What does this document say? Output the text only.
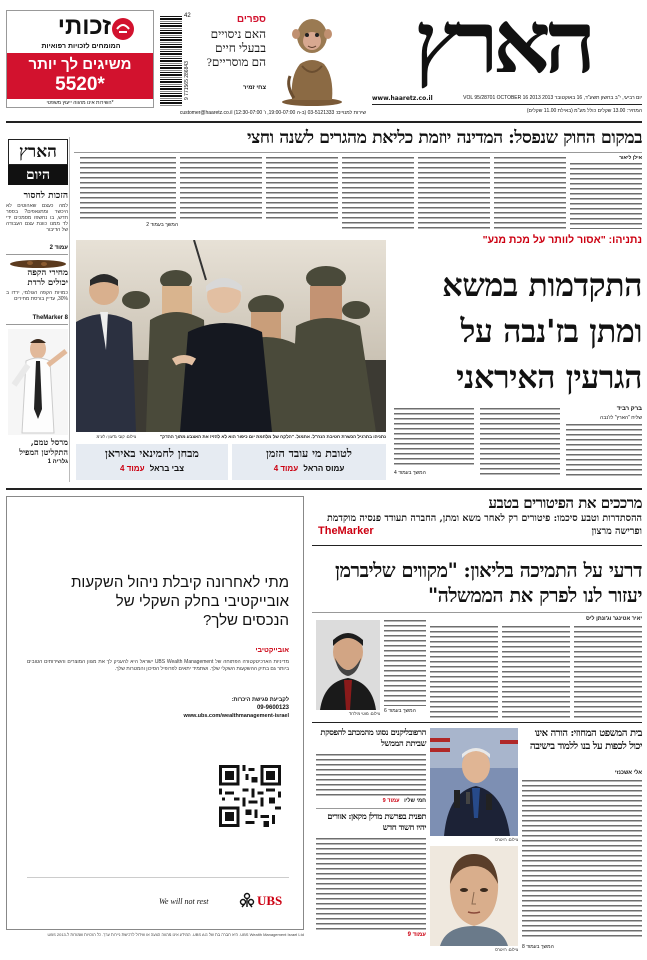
הארץ
www.haaretz.co.il	יום רביעי, י"ב בחשון תשע"ד, 16 באוקטובר 2013 VOL 95/28701 OCTOBER 16 2013
המחיר: 13.00 שקלים כולל מע"מ (באילת 11.00 שקלים)
ספרים
האם ניסויים בבעלי חיים הם מוסריים?
צחי זמיר
9 771565 286843
42
זכותי
המומחים לזכויות רפואיות
משיגים לך יותר
5520*
*השירות אינו מהווה ייעוץ משפטי
שירות למנויים: 03-5121333 (ב-ה 19:00-07:00, ו' 12:30-07:00) customer@haaretz.co.il
במקום החוק שנפסל: המדינה יוזמת כליאת מהגרים לשנה וחצי
אילן ליאור
המשך בעמוד 2
הארץ
היום
הזכות לחסור
למה כעצם שאהוטים לא היכשר ומתגאפים? בספר חדש, בו נחשפו מסמכים ידי לד ממנו כוונת עצם העבודה של הדיבור
עמוד 2
מחירי הקפה יכולים לרדת
כמויות הקפה הגולמי, ירדו ב 30%, עדיין בורסת מחירים
TheMarker 8
מרסל טמם, התקליטן המפיל
גלריה 1
נתניהו: "אסור לוותר על מכת מנע"
התקדמות במשא ומתן בז'נבה על הגרעין האיראני
נתניהו בתרגיל הכשרת חטיבת הנח"ל. אתמול. "הלקח של מלחמת יום כיפור הוא לא להזיז את האצבע מתוך ההדק"
צילום: קובי גדעון / לע"מ
ברק רביד
שליח "הארץ" לז'נבה
המשך בעמוד 4
לטובת מי עובד הזמן
עמוס הראל עמוד 4
מבחן לחמינאי באיראן
צבי בראל עמוד 4
מתי לאחרונה קיבלת ניהול השקעות אובייקטיבי בחלק השקלי של הנכסים שלך?
אובייקטיבי
מדיניות הארכיטקטורה הפתוחה של UBS Wealth Management ישראל היא להעניק לך את מגוון המוצרים והשירותים הטובים ביותר גם בתיק ההשקעות השקלי שלך. ושתמיד יתאים לפרופיל הסיכון והמטרות שלך.
לקביעת פגישת היכרות:
09-9600123
www.ubs.com/wealthmanagement-israel
UBS
We will not rest
מרככים את הפיטורים בטבע
ההסתדרות וטבע סיכמו: פיטורים רק לאחר משא ומתן, החברה תעודד פנסיה מוקדמת ופרישה מרצון
TheMarker
דרעי על התמיכה בליאון: "מקווים שליברמן יעזור לנו לפרק את הממשלה"
יאיר אטינגר וג'ונתן ליס
המשך בעמוד 6
צילום: מוטי מילרוד
צילום: רויטרס
הרפובליקנים נסוגו מהמכתב להפסקת שביתת הממשל
חמי שליו עמוד 9
תפנית בפרשת מדלן מקאן: אזורים יהיו חשוד חדש
עמוד 9
צילום: רויטרס
בית המשפט המחוזי: הורה אינו יכול לכפות על בנו ללמוד בישיבה
אלי אשכנזי
המשך בעמוד 8
UBS Wealth Management Israel Ltd. היא חברה בת של UBS AG. המידע אינו מהווה הצעה או שידול לרכישת ניירות ערך. כל הזכויות שמורות ל-UBS 2013
